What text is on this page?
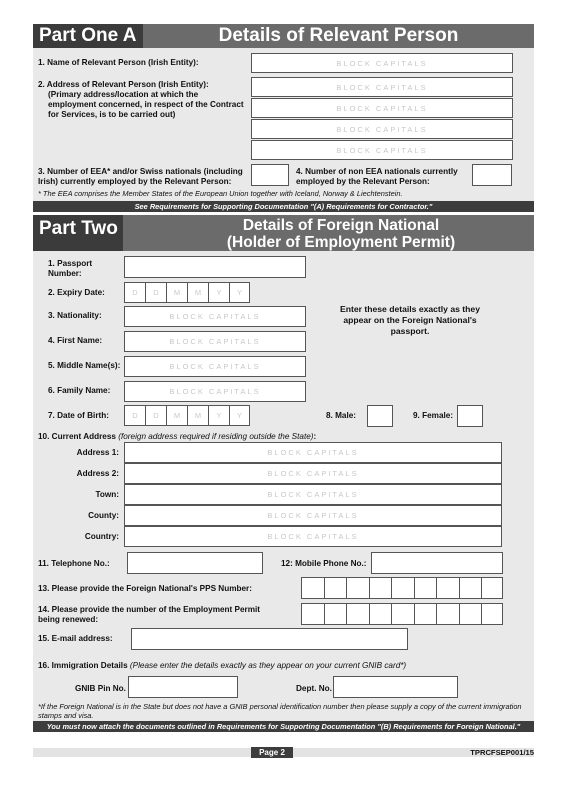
Part One A	Details of Relevant Person
1. Name of Relevant Person (Irish Entity):	BLOCK CAPITALS
2. Address of Relevant Person (Irish Entity):
(Primary address/location at which the employment concerned, in respect of the Contract for Services, is to be carried out)
BLOCK CAPITALS
BLOCK CAPITALS
BLOCK CAPITALS
BLOCK CAPITALS
3. Number of EEA* and/or Swiss nationals (including Irish) currently employed by the Relevant Person:
4. Number of non EEA nationals currently employed by the Relevant Person:
* The EEA comprises the Member States of the European Union together with Iceland, Norway & Liechtenstein.
See Requirements for Supporting Documentation "(A) Requirements for Contractor."
Part Two	Details of Foreign National
(Holder of Employment Permit)
1. Passport Number:
2. Expiry Date:	D	D	M	M	Y	Y
3. Nationality:	BLOCK CAPITALS
4. First Name:	BLOCK CAPITALS
5. Middle Name(s):	BLOCK CAPITALS
6. Family Name:	BLOCK CAPITALS
Enter these details exactly as they appear on the Foreign National's passport.
7. Date of Birth:	D	D	M	M	Y	Y	8. Male:	9. Female:
10. Current Address (foreign address required if residing outside the State):
Address 1:	BLOCK CAPITALS
Address 2:	BLOCK CAPITALS
Town:	BLOCK CAPITALS
County:	BLOCK CAPITALS
Country:	BLOCK CAPITALS
11. Telephone No.:	12: Mobile Phone No.:
13. Please provide the Foreign National's PPS Number:
14. Please provide the number of the Employment Permit being renewed:
15. E-mail address:
16. Immigration Details (Please enter the details exactly as they appear on your current GNIB card*)
GNIB Pin No.	Dept. No.
*If the Foreign National is in the State but does not have a GNIB personal identification number then please supply a copy of the current immigration stamps and visa.
You must now attach the documents outlined in Requirements for Supporting Documentation "(B) Requirements for Foreign National."
Page 2	TPRCFSEP001/15
